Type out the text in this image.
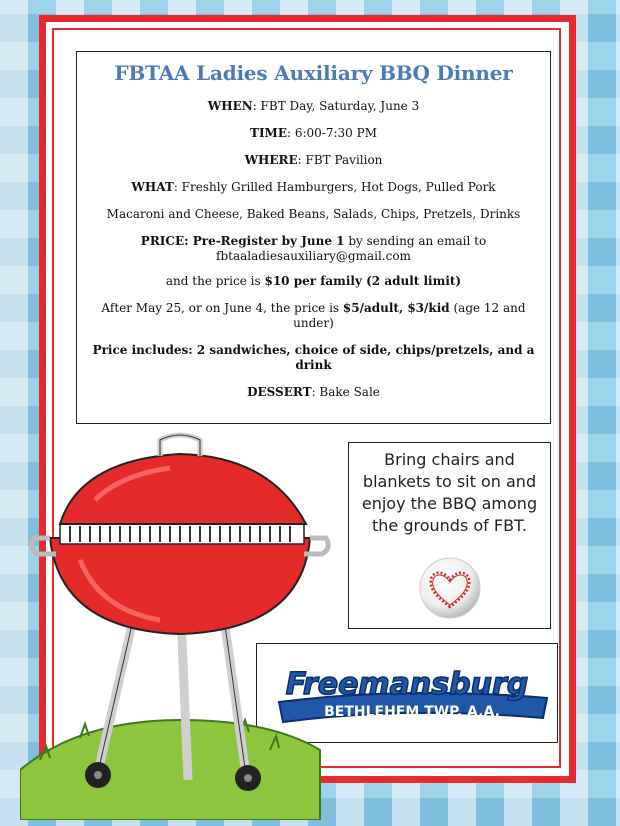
FBTAA Ladies Auxiliary BBQ Dinner
WHEN: FBT Day, Saturday, June 3
TIME: 6:00-7:30 PM
WHERE: FBT Pavilion
WHAT: Freshly Grilled Hamburgers, Hot Dogs, Pulled Pork
Macaroni and Cheese, Baked Beans, Salads, Chips, Pretzels, Drinks
PRICE: Pre-Register by June 1 by sending an email to
fbtaaladiesauxiliary@gmail.com
and the price is $10 per family (2 adult limit)
After May 25, or on June 4, the price is $5/adult, $3/kid (age 12 and under)
Price includes: 2 sandwiches, choice of side, chips/pretzels, and a drink
DESSERT: Bake Sale
Bring chairs and blankets to sit on and enjoy the BBQ among the grounds of FBT.
Freemansburg
BETHLEHEM TWP. A.A.
